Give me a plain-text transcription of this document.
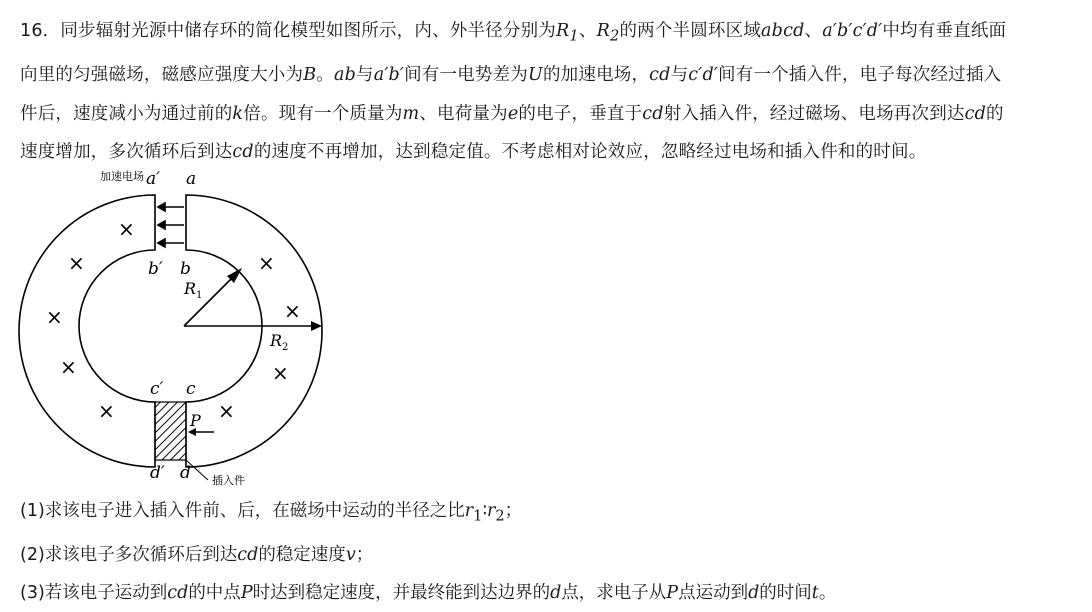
16．同步辐射光源中储存环的简化模型如图所示，内、外半径分别为$R_1$、$R_2$的两个半圆环区域abcd、a′b′c′d′中均有垂直纸面

向里的匀强磁场，磁感应强度大小为B。ab与a′b′间有一电势差为U的加速电场，cd与c′d′间有一个插入件，电子每次经过插入

件后，速度减小为通过前的k倍。现有一个质量为m、电荷量为e的电子，垂直于cd射入插入件，经过磁场、电场再次到达cd的

速度增加，多次循环后到达cd的速度不再增加，达到稳定值。不考虑相对论效应，忽略经过电场和插入件和的时间。

×
×	×
×	×
×	×
×	×
加速电场 a′ a
b′ b
$R_1$
$R_2$
c′ c
P
d′ d 插入件

(1)求该电子进入插入件前、后，在磁场中运动的半径之比$r_1∶r_2$；

(2)求该电子多次循环后到达cd的稳定速度v；

(3)若该电子运动到cd的中点P时达到稳定速度，并最终能到达边界的d点，求电子从P点运动到d的时间t。
